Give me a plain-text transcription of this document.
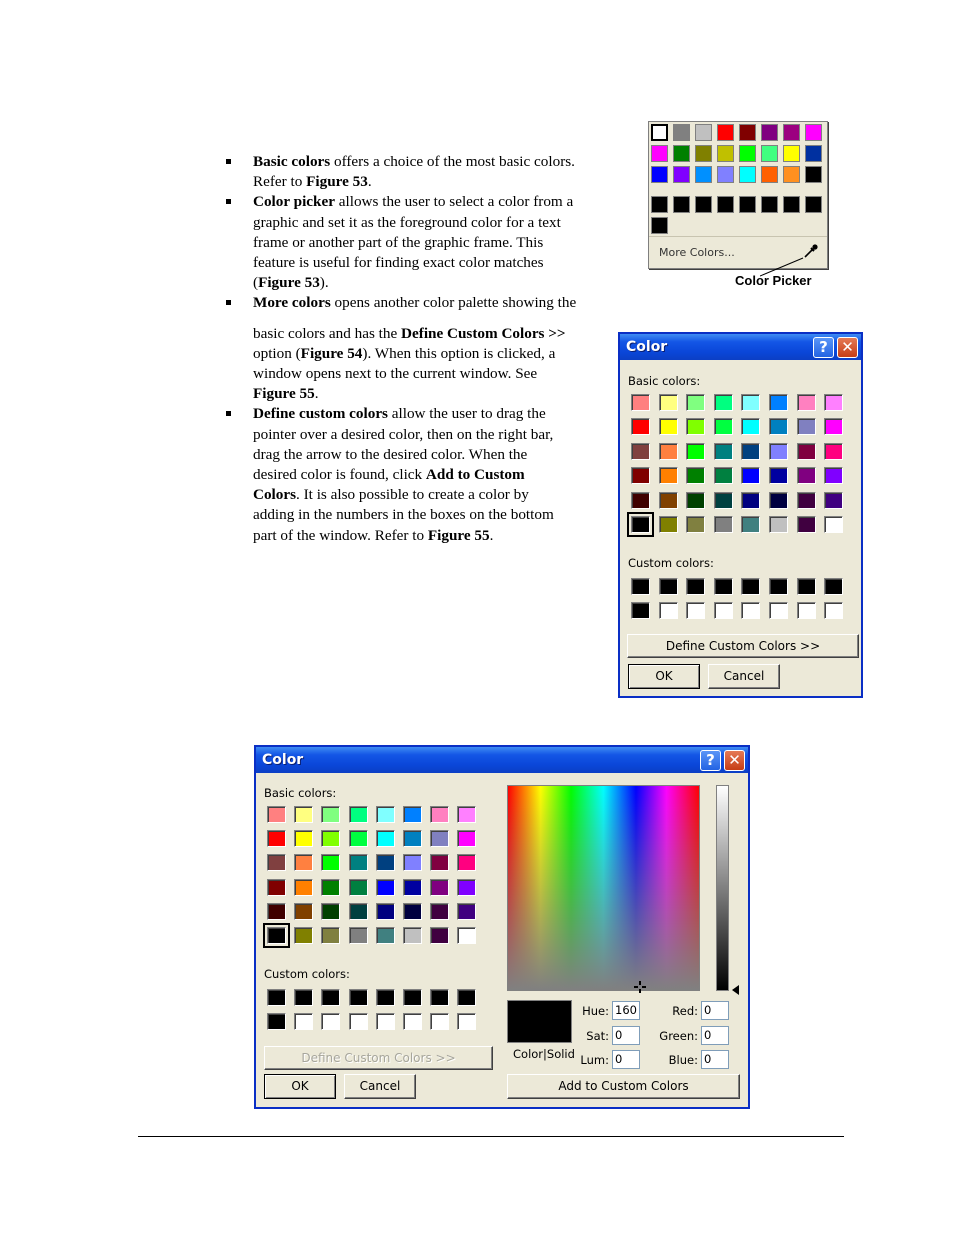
Basic colors offers a choice of the most basic colors.
Refer to Figure 53.
Color picker allows the user to select a color from a
graphic and set it as the foreground color for a text
frame or another part of the graphic frame. This
feature is useful for finding exact color matches
(Figure 53).
More colors opens another color palette showing the
basic colors and has the Define Custom Colors >>
option (Figure 54). When this option is clicked, a
window opens next to the current window. See
Figure 55.
Define custom colors allow the user to drag the
pointer over a desired color, then on the right bar,
drag the arrow to the desired color. When the
desired color is found, click Add to Custom
Colors. It is also possible to create a color by
adding in the numbers in the boxes on the bottom
part of the window. Refer to Figure 55.
More Colors...
Color Picker
Color	? ✕
Basic colors:
Custom colors:
Define Custom Colors >>
OK	Cancel
Color	? ✕
Basic colors:
Custom colors:
Define Custom Colors >>
OK	Cancel
Color|Solid
Hue: 160
Sat: 0
Lum: 0
Red: 0
Green: 0
Blue: 0
Add to Custom Colors
